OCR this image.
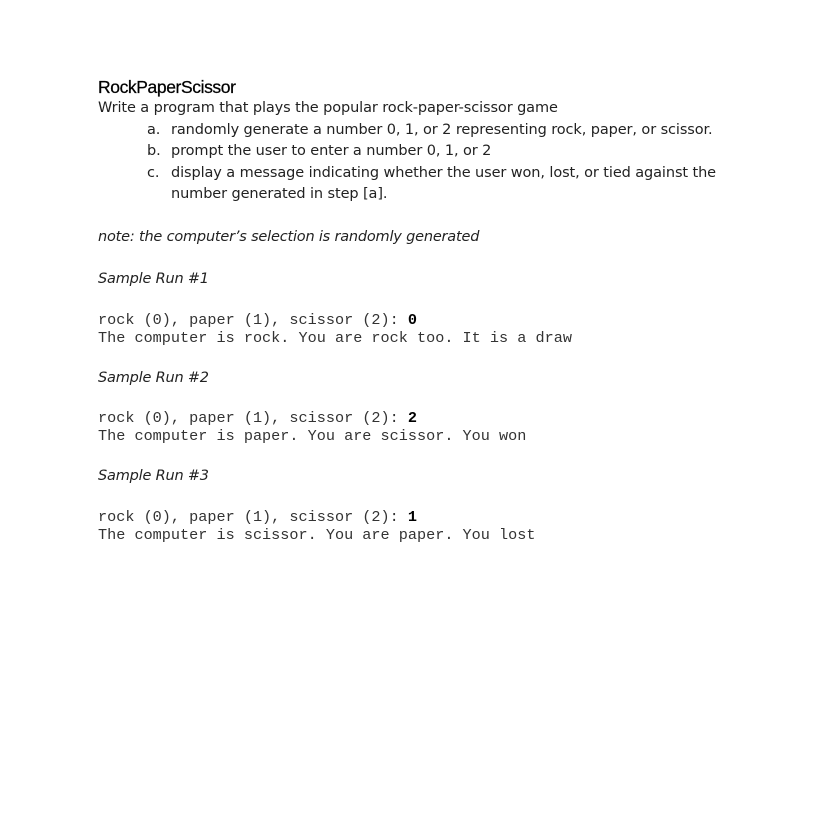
RockPaperScissor
Write a program that plays the popular rock-paper-scissor game
a. randomly generate a number 0, 1, or 2 representing rock, paper, or scissor.
b. prompt the user to enter a number 0, 1, or 2
c. display a message indicating whether the user won, lost, or tied against the number generated in step [a].
note: the computer’s selection is randomly generated
Sample Run #1
rock (0), paper (1), scissor (2): 0
The computer is rock. You are rock too. It is a draw
Sample Run #2
rock (0), paper (1), scissor (2): 2
The computer is paper. You are scissor. You won
Sample Run #3
rock (0), paper (1), scissor (2): 1
The computer is scissor. You are paper. You lost
